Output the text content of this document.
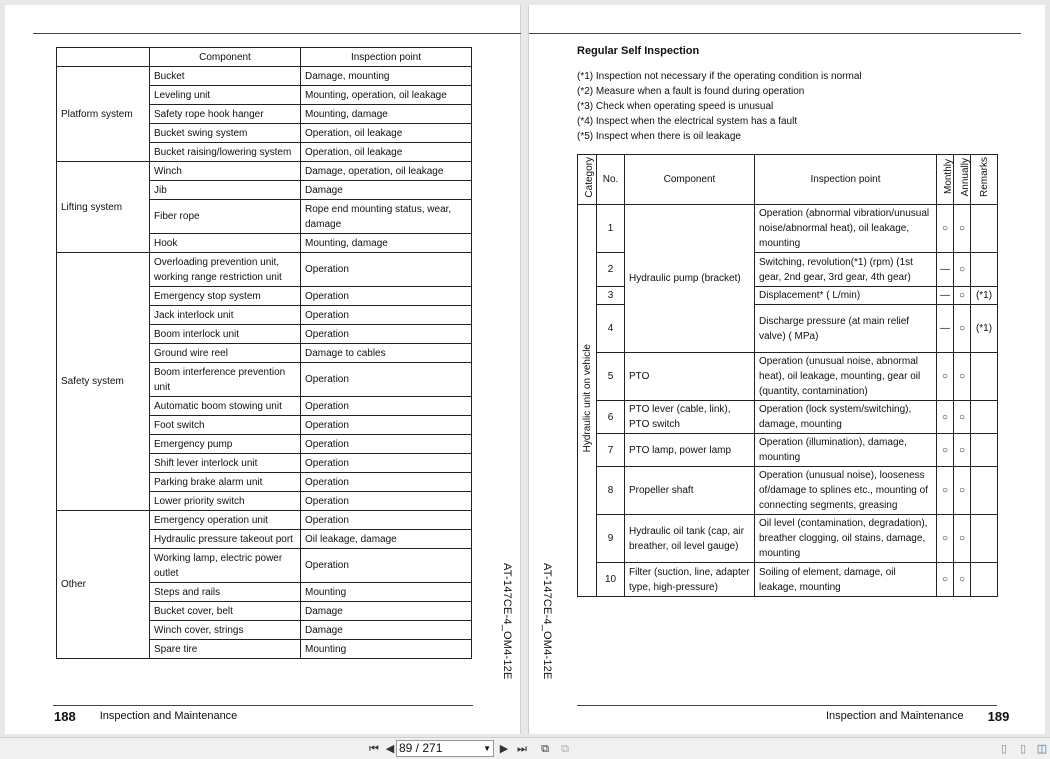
	Component	Inspection point
Platform system	Bucket	Damage, mounting
	Leveling unit	Mounting, operation, oil leakage
	Safety rope hook hanger	Mounting, damage
	Bucket swing system	Operation, oil leakage
	Bucket raising/lowering system	Operation, oil leakage
Lifting system	Winch	Damage, operation, oil leakage
	Jib	Damage
	Fiber rope	Rope end mounting status, wear, damage
	Hook	Mounting, damage
Safety system	Overloading prevention unit, working range restriction unit	Operation
	Emergency stop system	Operation
	Jack interlock unit	Operation
	Boom interlock unit	Operation
	Ground wire reel	Damage to cables
	Boom interference prevention unit	Operation
	Automatic boom stowing unit	Operation
	Foot switch	Operation
	Emergency pump	Operation
	Shift lever interlock unit	Operation
	Parking brake alarm unit	Operation
	Lower priority switch	Operation
Other	Emergency operation unit	Operation
	Hydraulic pressure takeout port	Oil leakage, damage
	Working lamp, electric power outlet	Operation
	Steps and rails	Mounting
	Bucket cover, belt	Damage
	Winch cover, strings	Damage
	Spare tire	Mounting	AT-147CE-4_OM4-12E
188 Inspection and Maintenance
Regular Self Inspection
(*1) Inspection not necessary if the operating condition is normal
(*2) Measure when a fault is found during operation
(*3) Check when operating speed is unusual
(*4) Inspect when the electrical system has a fault
(*5) Inspect when there is oil leakage
Category	No.	Component	Inspection point	Monthly	Annually	Remarks
Hydraulic unit on vehicle	1	Hydraulic pump (bracket)	Operation (abnormal vibration/unusual noise/abnormal heat), oil leakage, mounting	○	○	
	2		Switching, revolution(*1) (rpm) (1st gear, 2nd gear, 3rd gear, 4th gear)	—	○	
	3		Displacement* ( L/min)	—	○	(*1)
	4		Discharge pressure (at main relief valve) ( MPa)	—	○	(*1)
	5	PTO	Operation (unusual noise, abnormal heat), oil leakage, mounting, gear oil (quantity, contamination)	○	○	
	6	PTO lever (cable, link), PTO switch	Operation (lock system/switching), damage, mounting	○	○	
	7	PTO lamp, power lamp	Operation (illumination), damage, mounting	○	○	
	8	Propeller shaft	Operation (unusual noise), looseness of/damage to splines etc., mounting of connecting segments, greasing	○	○	
	9	Hydraulic oil tank (cap, air breather, oil level gauge)	Oil level (contamination, degradation), breather clogging, oil stains, damage, mounting	○	○	
	10	Filter (suction, line, adapter type, high-pressure)	Soiling of element, damage, oil leakage, mounting	○	○	
AT-147CE-4_OM4-12E
Inspection and Maintenance 189
⏮ ◀ 89 / 271	▼ ▶ ⏭	⧉	⧉	▯	▯ ◫
